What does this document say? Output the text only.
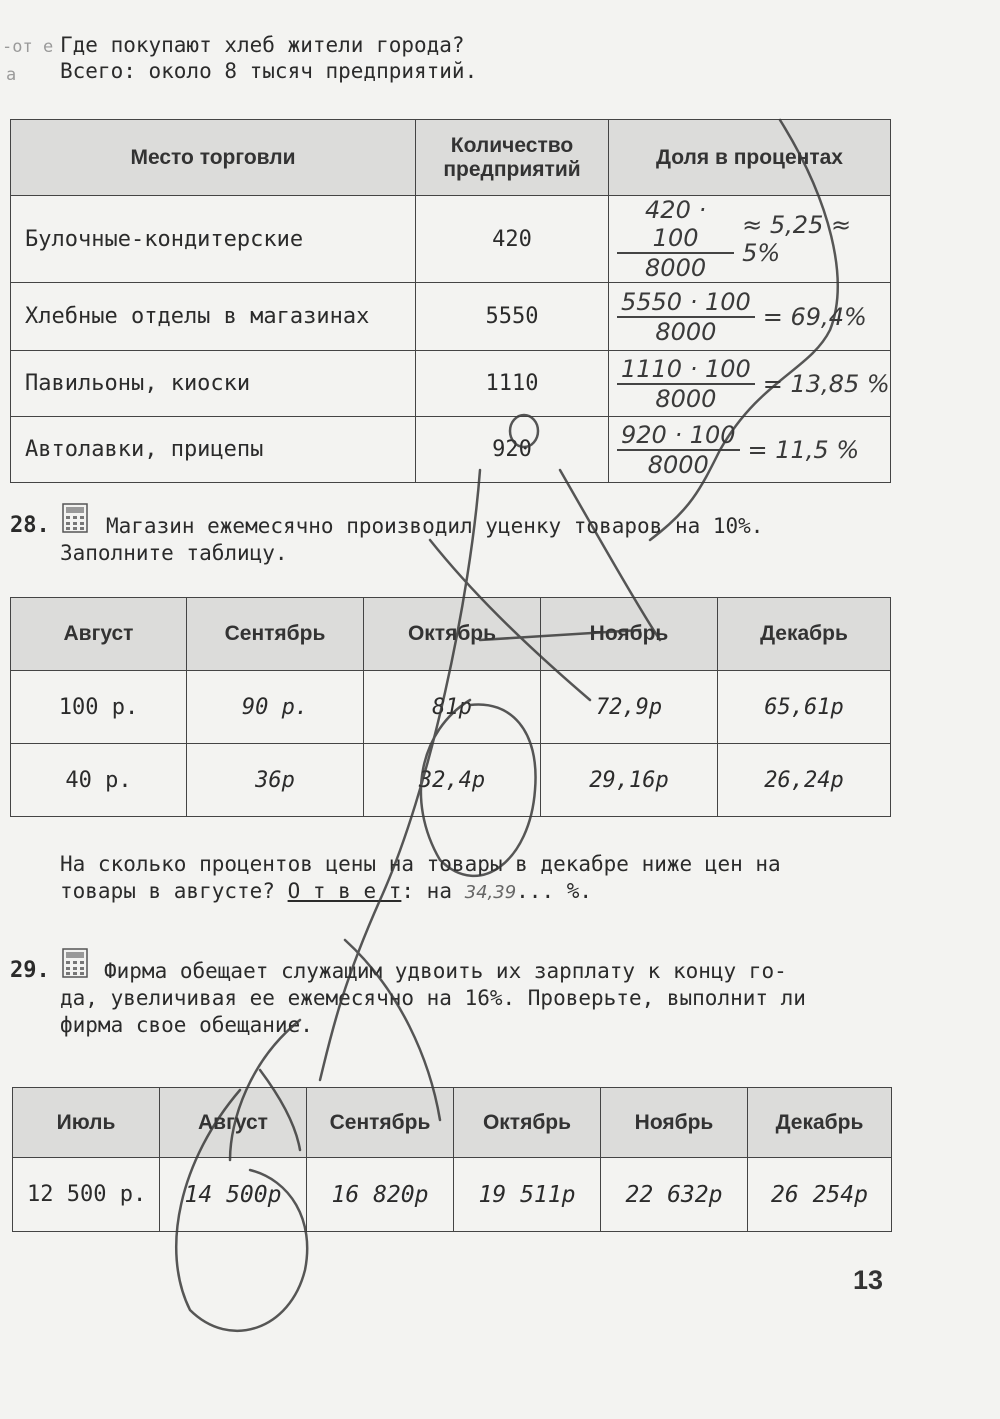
-от е
а
Где покупают хлеб жители города?
Всего: около 8 тысяч предприятий.
Место торговли	Количество предприятий	Доля в процентах
Булочные-кондитерские	420	$\frac{420 \cdot 100}{8000} \approx 5,25 \approx 5\%$

Хлебные отделы в магазинах	5550	$\frac{5550 \cdot 100}{8000} = 69,4\%$

Павильоны, киоски	1110	$\frac{1110 \cdot 100}{8000} = 13,85$ %

Автолавки, прицепы	920	$\frac{920 \cdot 100}{8000} = 11,5$ %
28.	Магазин ежемесячно производил уценку товаров на 10%.
Заполните таблицу.
Август	Сентябрь	Октябрь	Ноябрь	Декабрь
100 р.	90 р.	81р	72,9р	65,61р
40 р.	36р	32,4р	29,16р	26,24р
На сколько процентов цены на товары в декабре ниже цен на
товары в августе? О т в е т: на 34,39... %.
29.	Фирма обещает служащим удвоить их зарплату к концу го-
да, увеличивая ее ежемесячно на 16%. Проверьте, выполнит ли
фирма свое обещание.
Июль	Август	Сентябрь	Октябрь	Ноябрь	Декабрь
12 500 р.	14 500р	16 820р	19 511р	22 632р	26 254р
13
